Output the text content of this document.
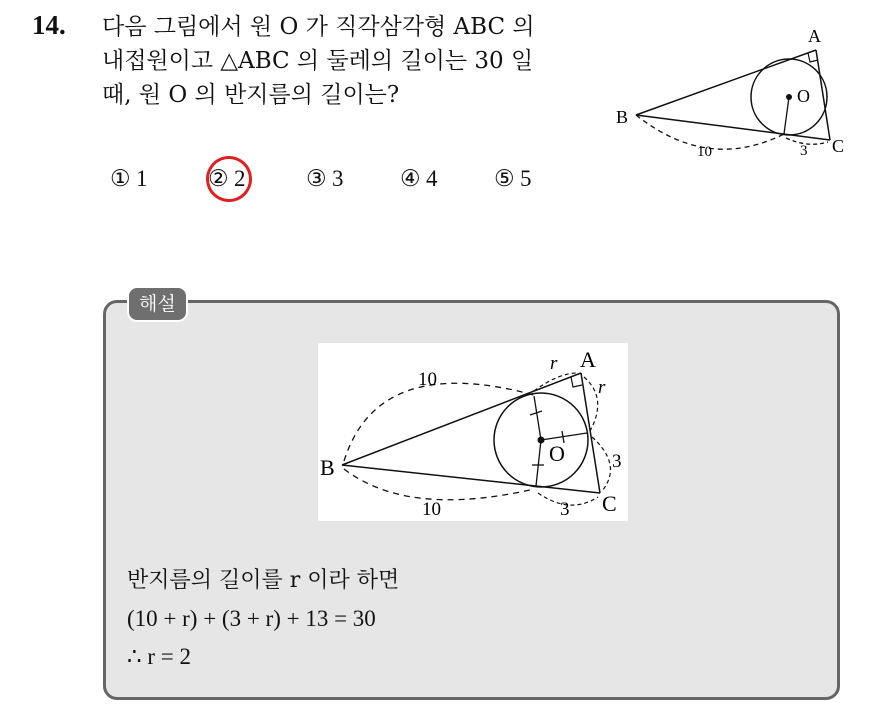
14. 다음 그림에서 원 O 가 직각삼각형 ABC 의
내접원이고 △ABC 의 둘레의 길이는 30 일
때, 원 O 의 반지름의 길이는?
A
B
C
O
10	3
① 1	② 2	③ 3 ④ 4 ⑤ 5
해설
A
B
C
O
10
10
r
r
3
3
반지름의 길이를 r 이라 하면
(10 + r) + (3 + r) + 13 = 30
∴ r = 2
